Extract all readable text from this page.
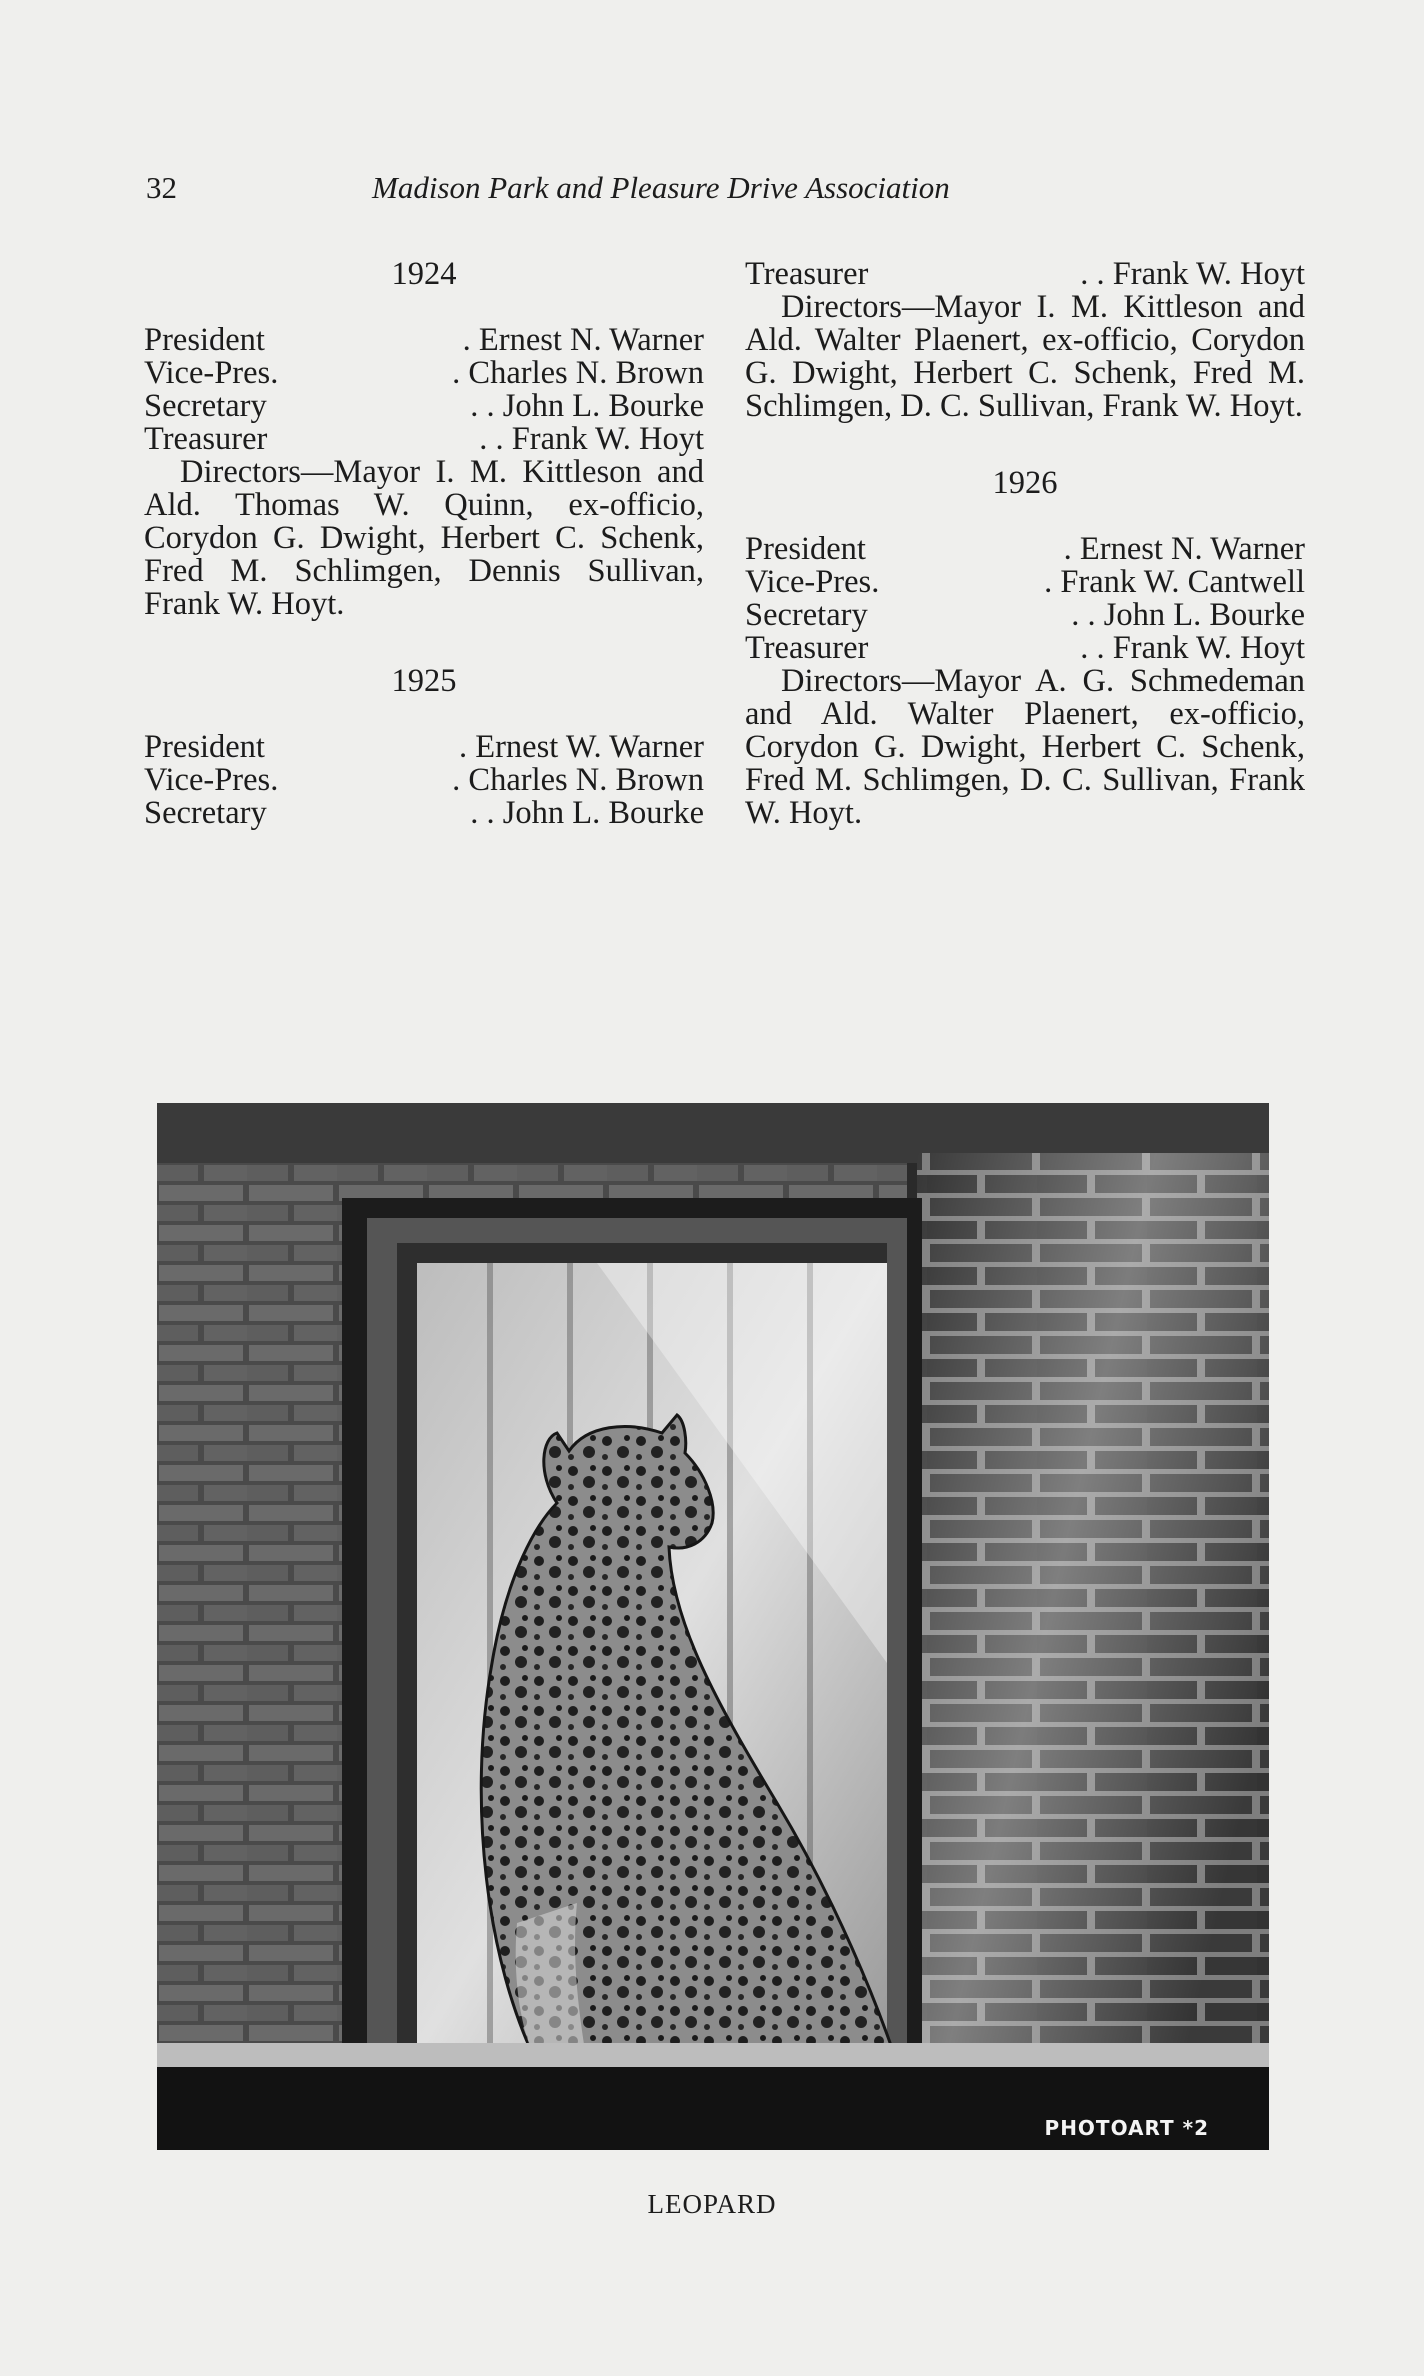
32	Madison Park and Pleasure Drive Association
1924
President	. Ernest N. Warner
Vice-Pres.	. Charles N. Brown
Secretary	. . John L. Bourke
Treasurer	. . Frank W. Hoyt
Directors—Mayor I. M. Kittleson and Ald. Thomas W. Quinn, ex-officio, Corydon G. Dwight, Herbert C. Schenk, Fred M. Schlimgen, Dennis Sullivan, Frank W. Hoyt.
1925
President	. Ernest W. Warner
Vice-Pres.	. Charles N. Brown
Secretary	. . John L. Bourke
Treasurer	. . Frank W. Hoyt
Directors—Mayor I. M. Kittleson and Ald. Walter Plaenert, ex-officio, Corydon G. Dwight, Herbert C. Schenk, Fred M. Schlimgen, D. C. Sullivan, Frank W. Hoyt.
1926
President	. Ernest N. Warner
Vice-Pres.	. Frank W. Cantwell
Secretary	. . John L. Bourke
Treasurer	. . Frank W. Hoyt
Directors—Mayor A. G. Schmedeman and Ald. Walter Plaenert, ex-officio, Corydon G. Dwight, Herbert C. Schenk, Fred M. Schlimgen, D. C. Sullivan, Frank W. Hoyt.
PHOTOART *2
LEOPARD
